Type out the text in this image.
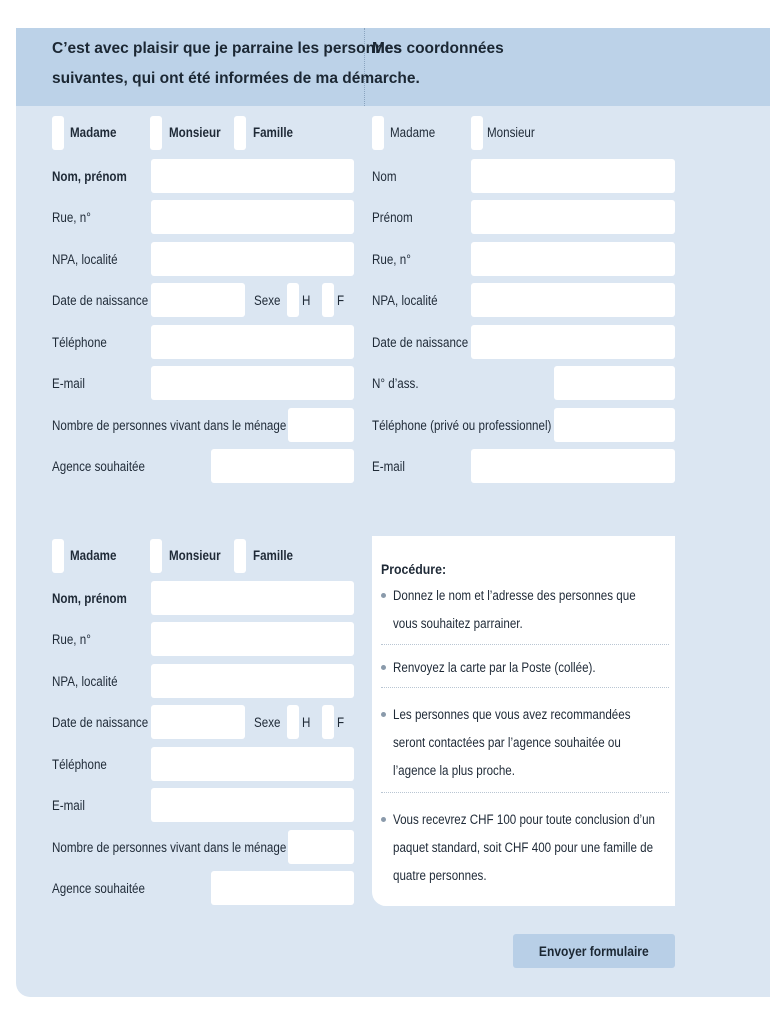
C’est avec plaisir que je parraine les personnes
suivantes, qui ont été informées de ma démarche.
Mes coordonnées
Madame	Monsieur Famille
Nom, prénom
Rue, n°
NPA, localité
Date de naissance	Sexe H F
Téléphone
E-mail
Nombre de personnes vivant dans le ménage
Agence souhaitée
Madame	Monsieur
Nom
Prénom
Rue, n°
NPA, localité
Date de naissance
N° d’ass.
Téléphone (privé ou professionnel)
E-mail
Madame	Monsieur Famille
Nom, prénom
Rue, n°
NPA, localité
Date de naissance	Sexe H F
Téléphone
E-mail
Nombre de personnes vivant dans le ménage
Agence souhaitée
Procédure:
Donnez le nom et l’adresse des personnes que vous souhaitez parrainer.
Renvoyez la carte par la Poste (collée).
Les personnes que vous avez recommandées seront contactées par l’agence souhaitée ou l’agence la plus proche.
Vous recevrez CHF 100 pour toute conclusion d’un paquet standard, soit CHF 400 pour une famille de quatre personnes.
Envoyer formulaire
